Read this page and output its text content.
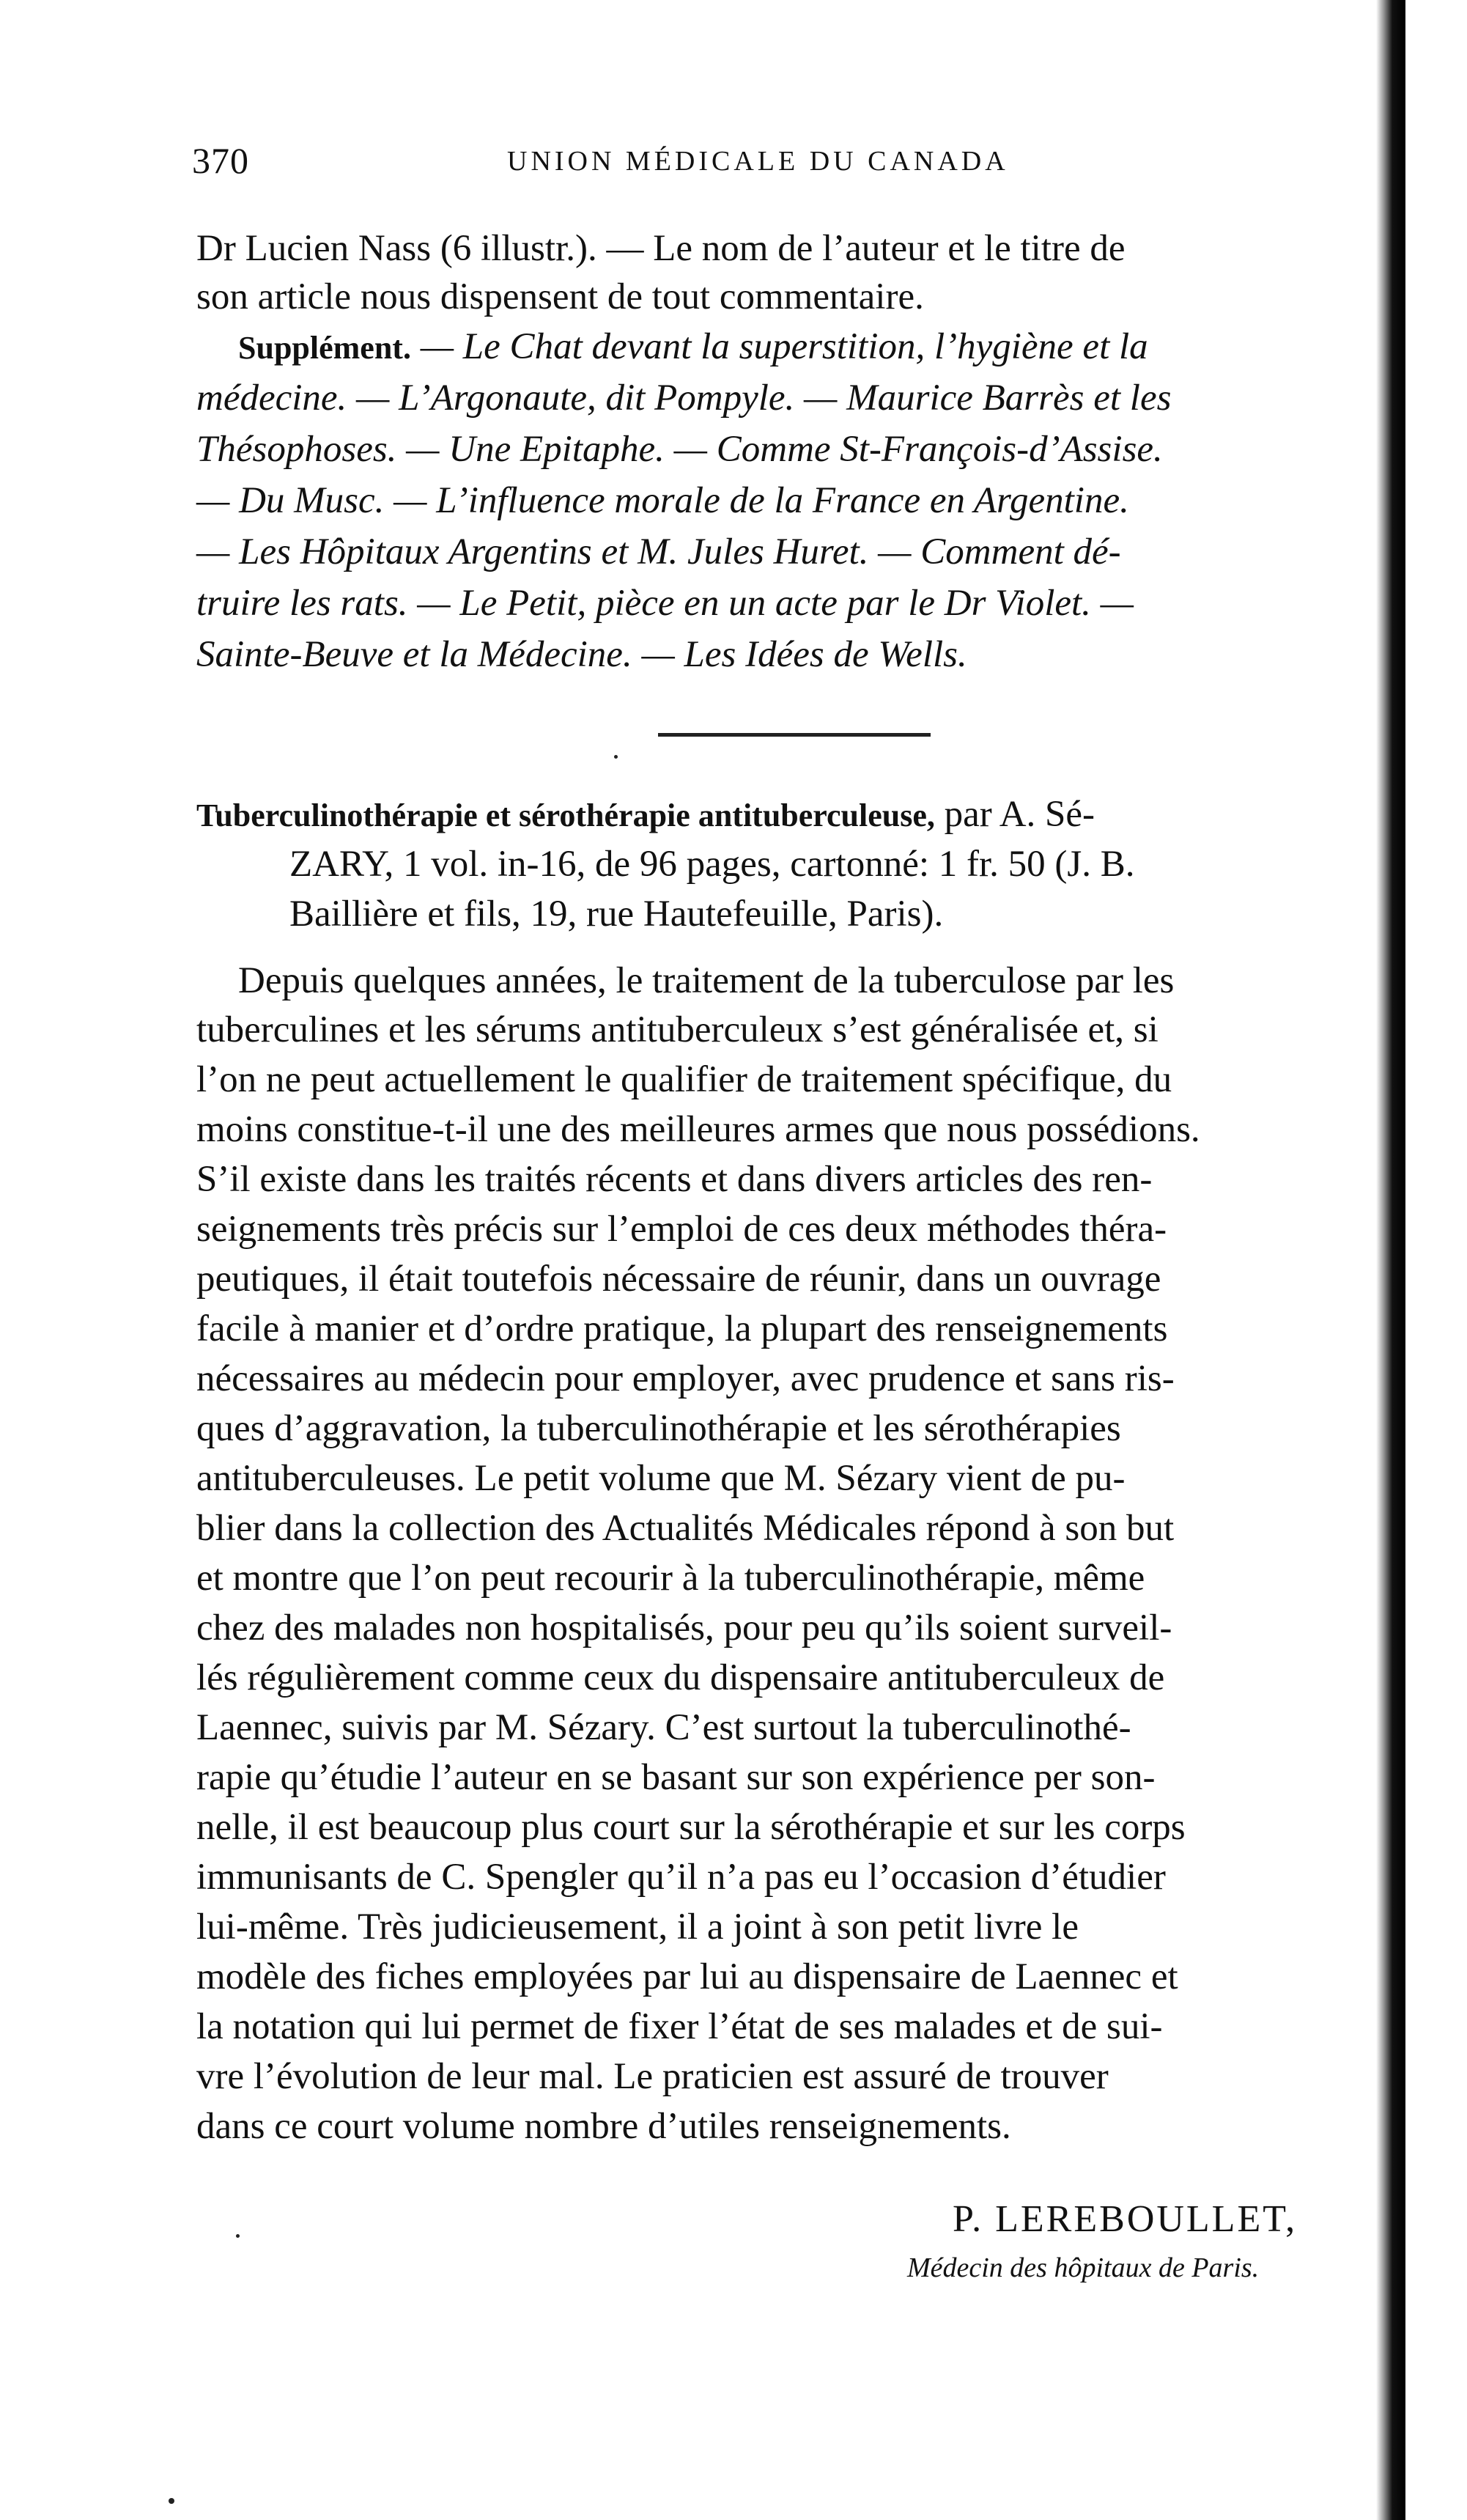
370	UNION MÉDICALE DU CANADA
Dr Lucien Nass (6 illustr.). — Le nom de l’auteur et le titre de
son article nous dispensent de tout commentaire.
Supplément. — Le Chat devant la superstition, l’hygiène et la
médecine. — L’Argonaute, dit Pompyle. — Maurice Barrès et les
Thésophoses. — Une Epitaphe. — Comme St-François-d’Assise.
— Du Musc. — L’influence morale de la France en Argentine.
— Les Hôpitaux Argentins et M. Jules Huret. — Comment dé-
truire les rats. — Le Petit, pièce en un acte par le Dr Violet. —
Sainte-Beuve et la Médecine. — Les Idées de Wells.
Tuberculinothérapie et sérothérapie antituberculeuse, par A. Sé-
ZARY, 1 vol. in-16, de 96 pages, cartonné: 1 fr. 50 (J. B.
Baillière et fils, 19, rue Hautefeuille, Paris).
Depuis quelques années, le traitement de la tuberculose par les
tuberculines et les sérums antituberculeux s’est généralisée et, si
l’on ne peut actuellement le qualifier de traitement spécifique, du
moins constitue-t-il une des meilleures armes que nous possédions.
S’il existe dans les traités récents et dans divers articles des ren-
seignements très précis sur l’emploi de ces deux méthodes théra-
peutiques, il était toutefois nécessaire de réunir, dans un ouvrage
facile à manier et d’ordre pratique, la plupart des renseignements
nécessaires au médecin pour employer, avec prudence et sans ris-
ques d’aggravation, la tuberculinothérapie et les sérothérapies
antituberculeuses. Le petit volume que M. Sézary vient de pu-
blier dans la collection des Actualités Médicales répond à son but
et montre que l’on peut recourir à la tuberculinothérapie, même
chez des malades non hospitalisés, pour peu qu’ils soient surveil-
lés régulièrement comme ceux du dispensaire antituberculeux de
Laennec, suivis par M. Sézary. C’est surtout la tuberculinothé-
rapie qu’étudie l’auteur en se basant sur son expérience per son-
nelle, il est beaucoup plus court sur la sérothérapie et sur les corps
immunisants de C. Spengler qu’il n’a pas eu l’occasion d’étudier
lui-même. Très judicieusement, il a joint à son petit livre le
modèle des fiches employées par lui au dispensaire de Laennec et
la notation qui lui permet de fixer l’état de ses malades et de sui-
vre l’évolution de leur mal. Le praticien est assuré de trouver
dans ce court volume nombre d’utiles renseignements.
P. LEREBOULLET,
Médecin des hôpitaux de Paris.
